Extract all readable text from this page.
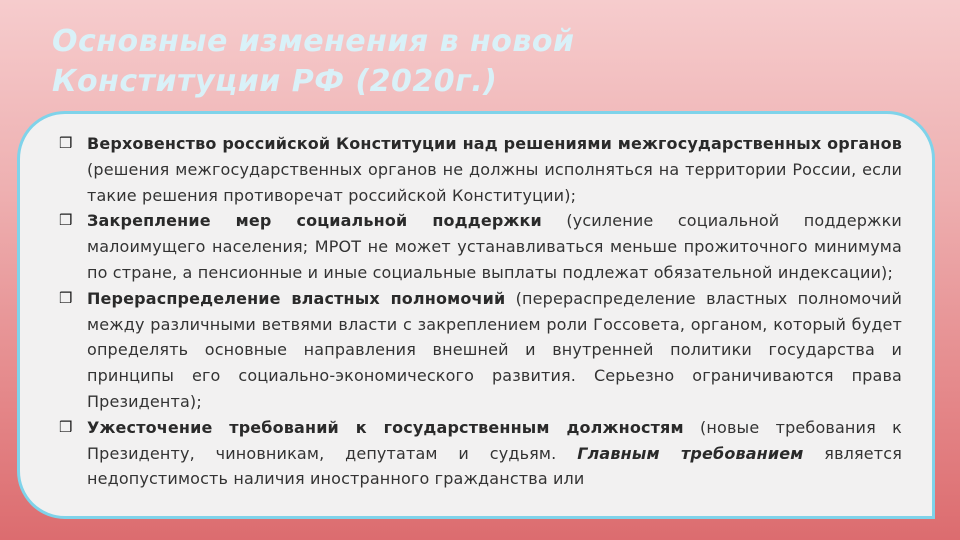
Основные изменения в новой
Конституции РФ (2020г.)
❒ Верховенство российской Конституции над решениями межгосударственных органов (решения межгосударственных органов не должны исполняться на территории России, если такие решения противоречат российской Конституции);
❒ Закрепление мер социальной поддержки (усиление социальной поддержки малоимущего населения; МРОТ не может устанавливаться меньше прожиточного минимума по стране, а пенсионные и иные социальные выплаты подлежат обязательной индексации);
❒ Перераспределение властных полномочий (перераспределение властных полномочий между различными ветвями власти с закреплением роли Госсовета, органом, который будет определять основные направления внешней и внутренней политики государства и принципы его социально-экономического развития. Серьезно ограничиваются права Президента);
❒ Ужесточение требований к государственным должностям (новые требования к Президенту, чиновникам, депутатам и судьям. Главным требованием является недопустимость наличия иностранного гражданства или
